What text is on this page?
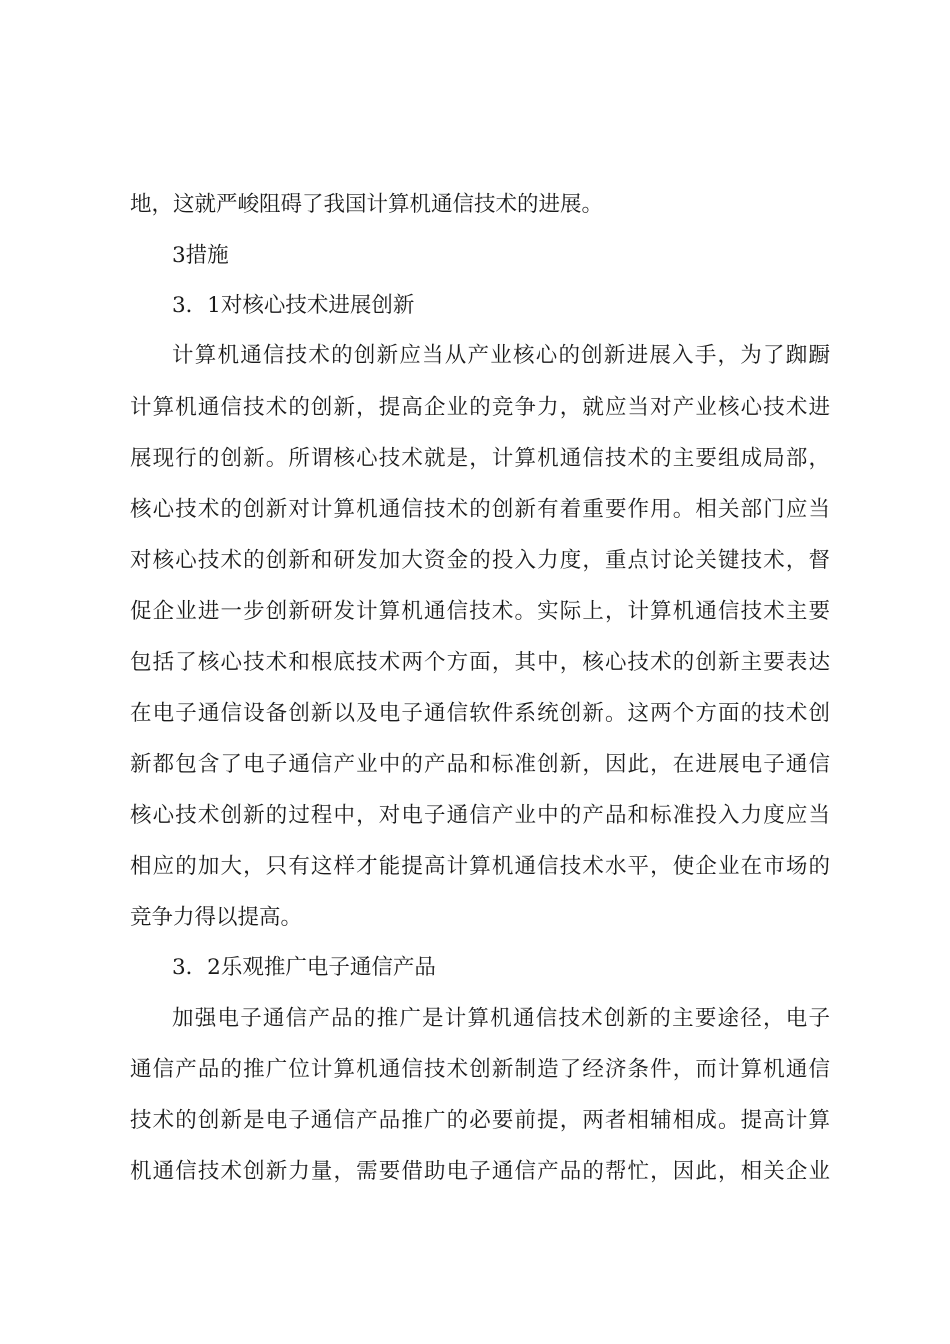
地，这就严峻阻碍了我国计算机通信技术的进展。
3措施
3．1对核心技术进展创新
计算机通信技术的创新应当从产业核心的创新进展入手，为了踟蹰
计算机通信技术的创新，提高企业的竞争力，就应当对产业核心技术进
展现行的创新。所谓核心技术就是，计算机通信技术的主要组成局部，
核心技术的创新对计算机通信技术的创新有着重要作用。相关部门应当
对核心技术的创新和研发加大资金的投入力度，重点讨论关键技术，督
促企业进一步创新研发计算机通信技术。实际上，计算机通信技术主要
包括了核心技术和根底技术两个方面，其中，核心技术的创新主要表达
在电子通信设备创新以及电子通信软件系统创新。这两个方面的技术创
新都包含了电子通信产业中的产品和标准创新，因此，在进展电子通信
核心技术创新的过程中，对电子通信产业中的产品和标准投入力度应当
相应的加大，只有这样才能提高计算机通信技术水平，使企业在市场的
竞争力得以提高。
3．2乐观推广电子通信产品
加强电子通信产品的推广是计算机通信技术创新的主要途径，电子
通信产品的推广位计算机通信技术创新制造了经济条件，而计算机通信
技术的创新是电子通信产品推广的必要前提，两者相辅相成。提高计算
机通信技术创新力量，需要借助电子通信产品的帮忙，因此，相关企业
